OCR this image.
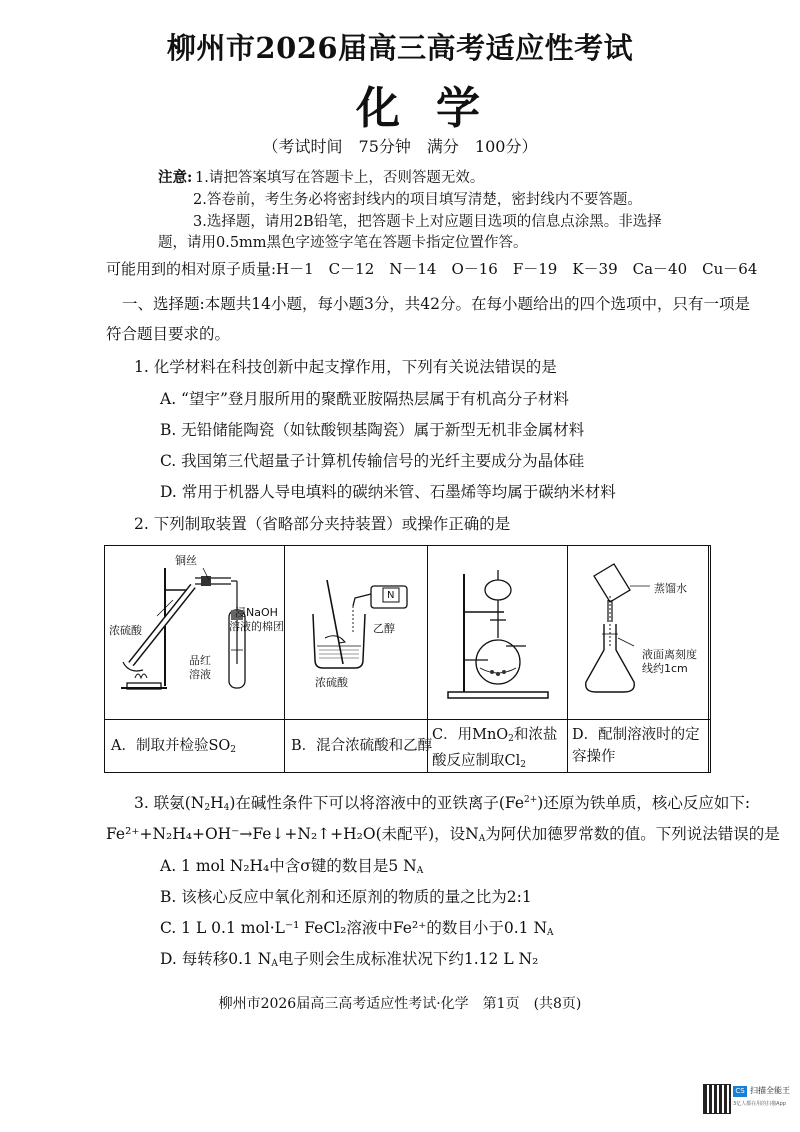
柳州市2026届高三高考适应性考试
化学
（考试时间　75分钟　满分　100分）
注意: 1.请把答案填写在答题卡上，否则答题无效。
2.答卷前，考生务必将密封线内的项目填写清楚，密封线内不要答题。
3.选择题，请用2B铅笔，把答题卡上对应题目选项的信息点涂黑。非选择
题，请用0.5mm黑色字迹签字笔在答题卡指定位置作答。
可能用到的相对原子质量:H－1　C－12　N－14　O－16　F－19　K－39　Ca－40　Cu－64
一、选择题:本题共14小题，每小题3分，共42分。在每小题给出的四个选项中，只有一项是
符合题目要求的。
1. 化学材料在科技创新中起支撑作用，下列有关说法错误的是
A. “望宇”登月服所用的聚酰亚胺隔热层属于有机高分子材料
B. 无铅储能陶瓷（如钛酸钡基陶瓷）属于新型无机非金属材料
C. 我国第三代超量子计算机传输信号的光纤主要成分为晶体硅
D. 常用于机器人导电填料的碳纳米管、石墨烯等均属于碳纳米材料
2. 下列制取装置（省略部分夹持装置）或操作正确的是
铜丝
浓硫酸
浸NaOH
溶液的棉团
品红
溶液
N
乙醇
浓硫酸
蒸馏水
液面离刻度
线约1cm
A．制取并检验$SO_2$	B．混合浓硫酸和乙醇
C．用MnO$_2$和浓盐
酸反应制取$Cl_2$
D．配制溶液时的定
容操作
3. 联氨$(N_2H_4)$在碱性条件下可以将溶液中的亚铁离子$(Fe^{2+})$还原为铁单质，核心反应如下:
Fe²⁺+N₂H₄+OH⁻→Fe↓+N₂↑+H₂O(未配平)，设$N_A$为阿伏加德罗常数的值。下列说法错误的是
A. 1 mol N₂H₄中含σ键的数目是5 $N_A$
B. 该核心反应中氧化剂和还原剂的物质的量之比为2:1
C. 1 L 0.1 mol·L⁻¹ FeCl₂溶液中Fe²⁺的数目小于0.1 $N_A$
D. 每转移0.1 $N_A$电子则会生成标准状况下约1.12 L N₂
柳州市2026届高三高考适应性考试·化学　第1页　(共8页)
CS 扫描全能王
3亿人都在用的扫描App
